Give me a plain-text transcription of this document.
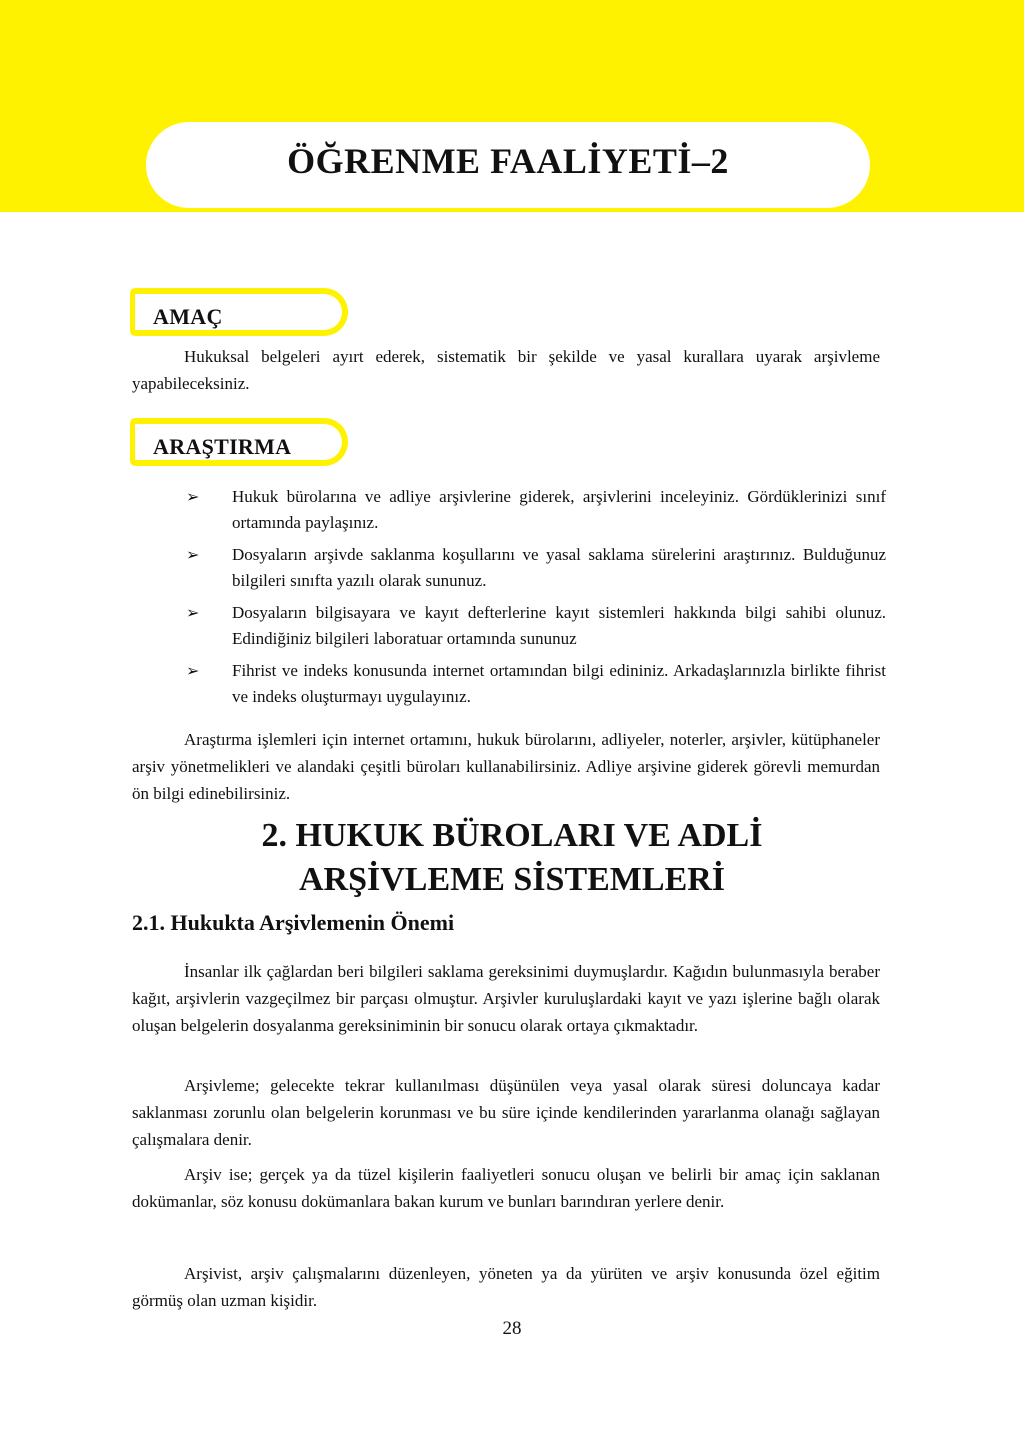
ÖĞRENME FAALİYETİ–2
AMAÇ

Hukuksal belgeleri ayırt ederek, sistematik bir şekilde ve yasal kurallara uyarak arşivleme yapabileceksiniz.

ARAŞTIRMA
➢ Hukuk bürolarına ve adliye arşivlerine giderek, arşivlerini inceleyiniz. Gördüklerinizi sınıf ortamında paylaşınız.
➢ Dosyaların arşivde saklanma koşullarını ve yasal saklama sürelerini araştırınız. Bulduğunuz bilgileri sınıfta yazılı olarak sununuz.
➢ Dosyaların bilgisayara ve kayıt defterlerine kayıt sistemleri hakkında bilgi sahibi olunuz. Edindiğiniz bilgileri laboratuar ortamında sununuz
➢ Fihrist ve indeks konusunda internet ortamından bilgi edininiz. Arkadaşlarınızla birlikte fihrist ve indeks oluşturmayı uygulayınız.

Araştırma işlemleri için internet ortamını, hukuk bürolarını, adliyeler, noterler, arşivler, kütüphaneler arşiv yönetmelikleri ve alandaki çeşitli büroları kullanabilirsiniz. Adliye arşivine giderek görevli memurdan ön bilgi edinebilirsiniz.

2. HUKUK BÜROLARI VE ADLİ
ARŞİVLEME SİSTEMLERİ
2.1. Hukukta Arşivlemenin Önemi

İnsanlar ilk çağlardan beri bilgileri saklama gereksinimi duymuşlardır. Kağıdın bulunmasıyla beraber kağıt, arşivlerin vazgeçilmez bir parçası olmuştur. Arşivler kuruluşlardaki kayıt ve yazı işlerine bağlı olarak oluşan belgelerin dosyalanma gereksiniminin bir sonucu olarak ortaya çıkmaktadır.

Arşivleme; gelecekte tekrar kullanılması düşünülen veya yasal olarak süresi doluncaya kadar saklanması zorunlu olan belgelerin korunması ve bu süre içinde kendilerinden yararlanma olanağı sağlayan çalışmalara denir.

Arşiv ise; gerçek ya da tüzel kişilerin faaliyetleri sonucu oluşan ve belirli bir amaç için saklanan dokümanlar, söz konusu dokümanlara bakan kurum ve bunları barındıran yerlere denir.

Arşivist, arşiv çalışmalarını düzenleyen, yöneten ya da yürüten ve arşiv konusunda özel eğitim görmüş olan uzman kişidir.

28
